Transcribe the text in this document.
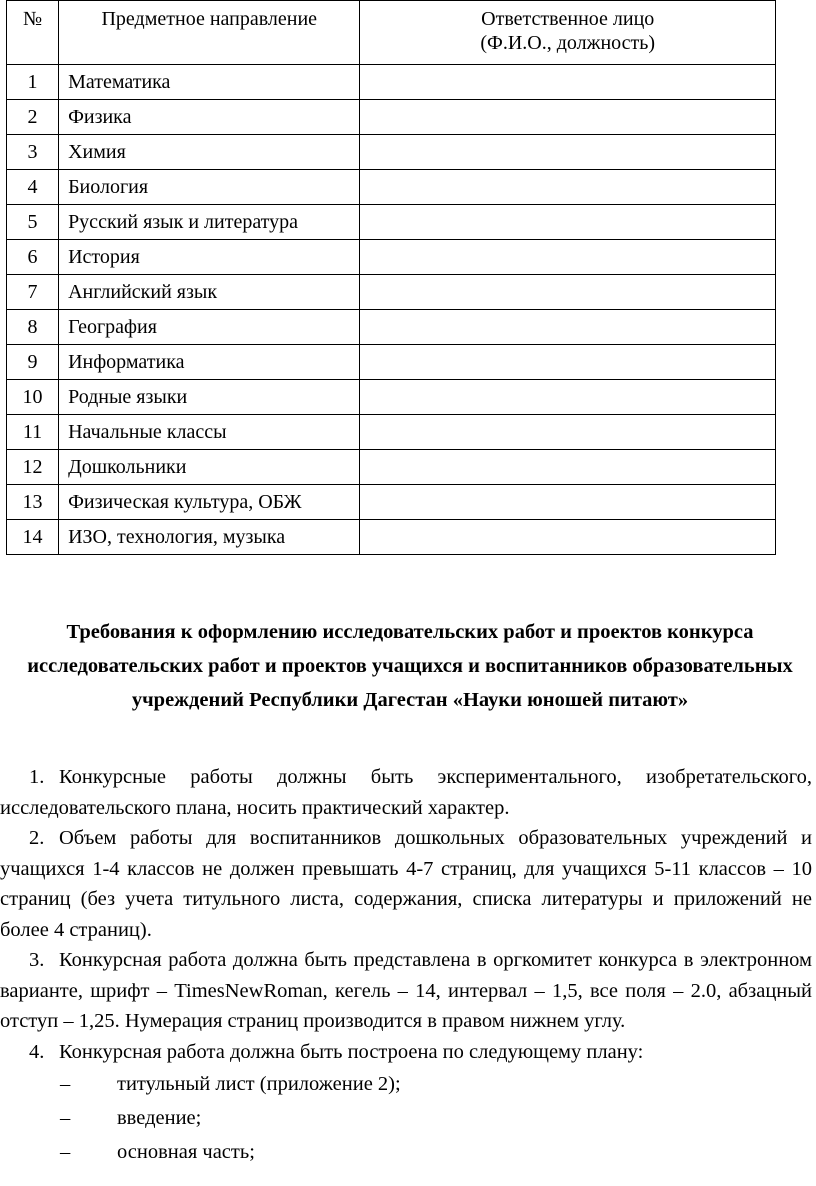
№	Предметное направление	Ответственное лицо
(Ф.И.О., должность)

1	Математика	
2	Физика	
3	Химия	
4	Биология	
5	Русский язык и литература	
6	История	
7	Английский язык	
8	География	
9	Информатика	
10	Родные языки	
11	Начальные классы	
12	Дошкольники	
13	Физическая культура, ОБЖ	
14	ИЗО, технология, музыка	
Требования к оформлению исследовательских работ и проектов конкурса исследовательских работ и проектов учащихся и воспитанников образовательных учреждений Республики Дагестан «Науки юношей питают»

1. Конкурсные работы должны быть экспериментального, изобретательского, исследовательского плана, носить практический характер.

2. Объем работы для воспитанников дошкольных образовательных учреждений и учащихся 1-4 классов не должен превышать 4-7 страниц, для учащихся 5-11 классов – 10 страниц (без учета титульного листа, содержания, списка литературы и приложений не более 4 страниц).

3. Конкурсная работа должна быть представлена в оргкомитет конкурса в электронном варианте, шрифт – TimesNewRoman, кегель – 14, интервал – 1,5, все поля – 2.0, абзацный отступ – 1,25. Нумерация страниц производится в правом нижнем углу.

4. Конкурсная работа должна быть построена по следующему плану:

–	титульный лист (приложение 2);
–	введение;
–	основная часть;
